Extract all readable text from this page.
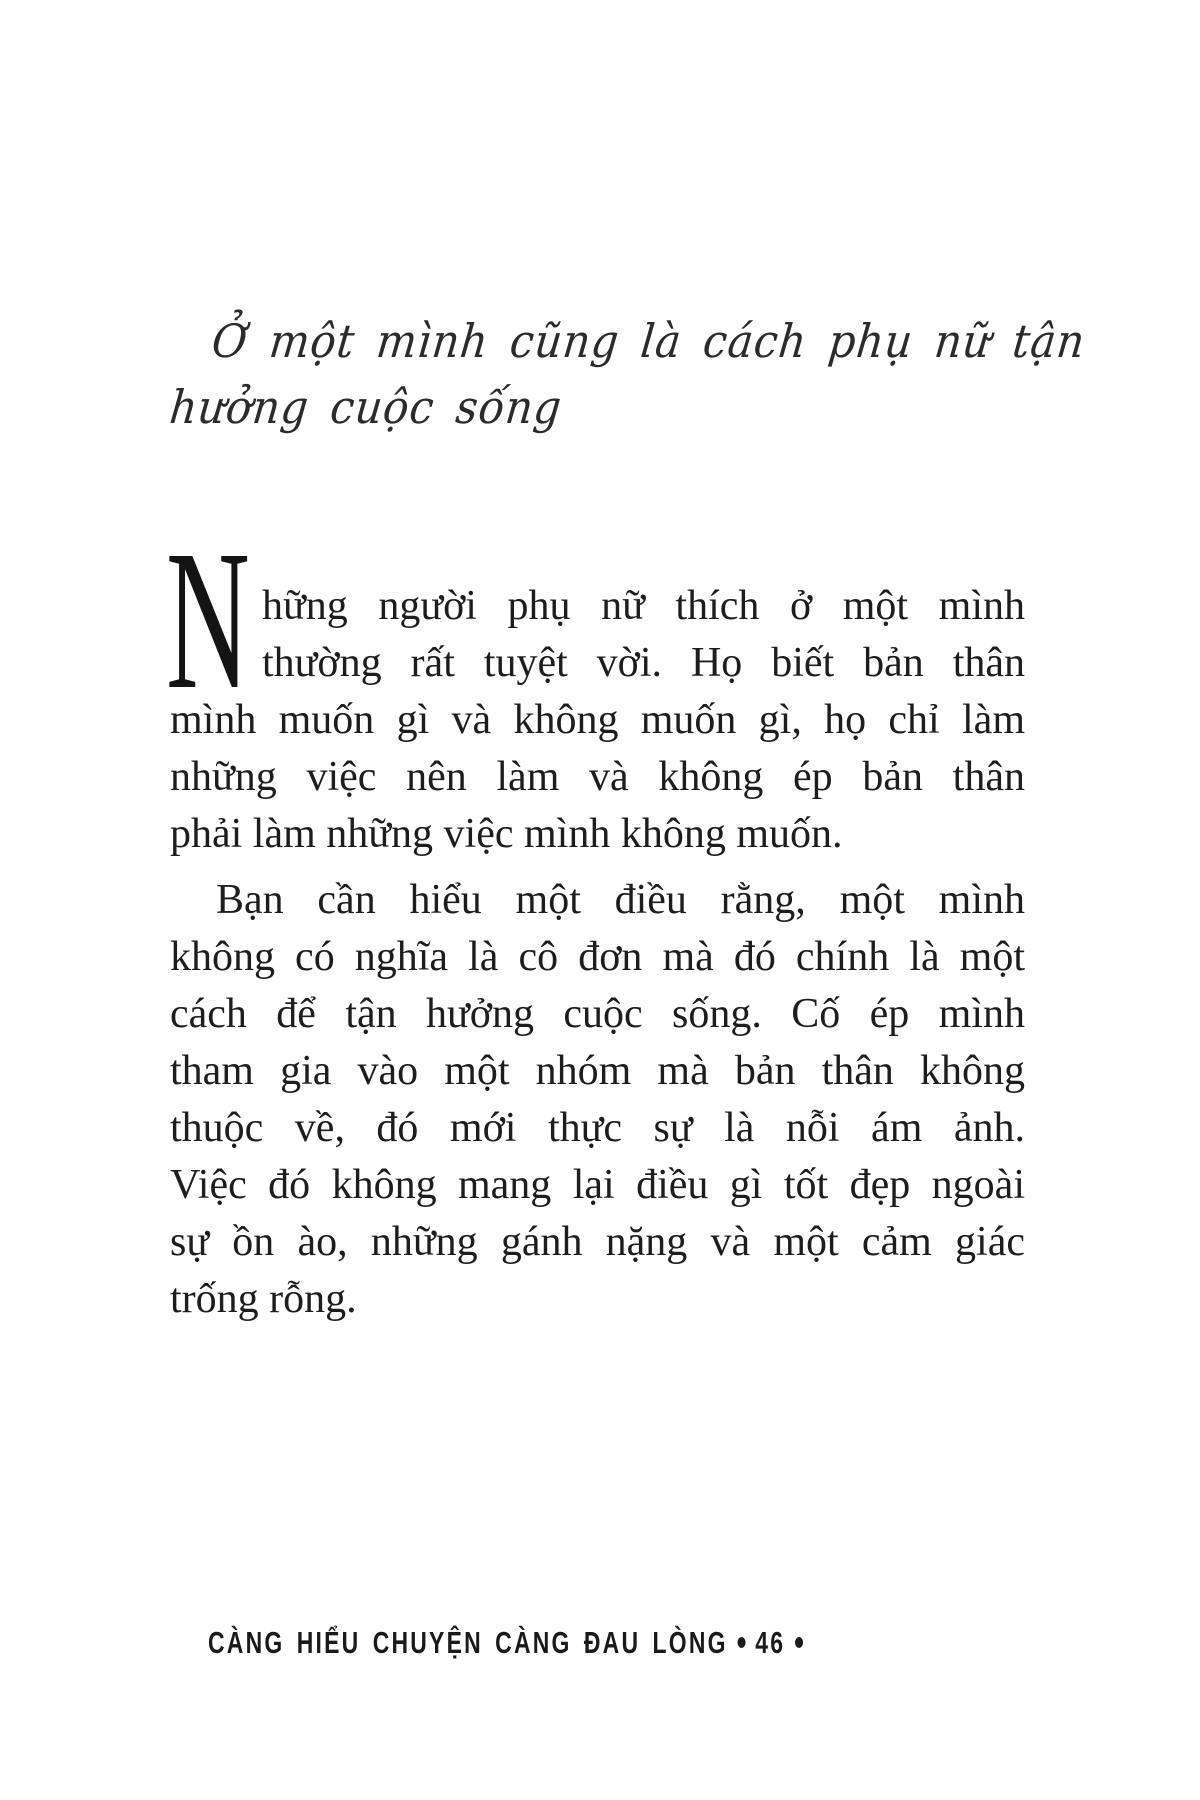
Ở một mình cũng là cách phụ nữ tận
hưởng cuộc sống
N hững người phụ nữ thích ở một mình
thường rất tuyệt vời. Họ biết bản thân
mình muốn gì và không muốn gì, họ chỉ làm
những việc nên làm và không ép bản thân
phải làm những việc mình không muốn.
Bạn cần hiểu một điều rằng, một mình
không có nghĩa là cô đơn mà đó chính là một
cách để tận hưởng cuộc sống. Cố ép mình
tham gia vào một nhóm mà bản thân không
thuộc về, đó mới thực sự là nỗi ám ảnh.
Việc đó không mang lại điều gì tốt đẹp ngoài
sự ồn ào, những gánh nặng và một cảm giác
trống rỗng.
CÀNG HIỂU CHUYỆN CÀNG ĐAU LÒNG • 46 •
